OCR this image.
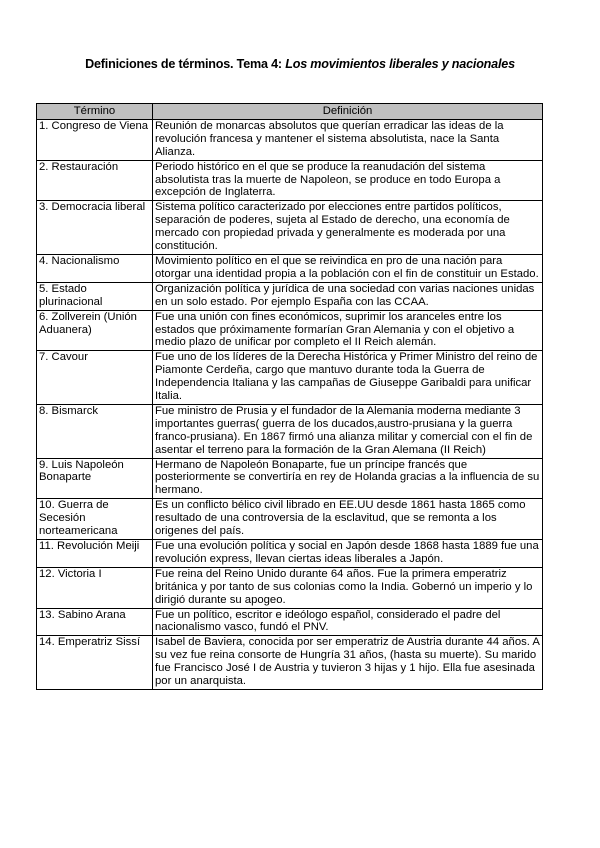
Definiciones de términos. Tema 4: Los movimientos liberales y nacionales
Término	Definición
1. Congreso de Viena	Reunión de monarcas absolutos que querían erradicar las ideas de la revolución francesa y mantener el sistema absolutista, nace la Santa Alianza.
2. Restauración	Periodo histórico en el que se produce la reanudación del sistema absolutista tras la muerte de Napoleon, se produce en todo Europa a excepción de Inglaterra.
3. Democracia liberal	Sistema político caracterizado por elecciones entre partidos políticos, separación de poderes, sujeta al Estado de derecho, una economía de mercado con propiedad privada y generalmente es moderada por una constitución.
4. Nacionalismo	Movimiento político en el que se reivindica en pro de una nación para otorgar una identidad propia a la población con el fin de constituir un Estado.
5. Estado plurinacional	Organización política y jurídica de una sociedad con varias naciones unidas en un solo estado. Por ejemplo España con las CCAA.
6. Zollverein (Unión Aduanera)	Fue una unión con fines económicos, suprimir los aranceles entre los estados que próximamente formarían Gran Alemania y con el objetivo a medio plazo de unificar por completo el II Reich alemán.
7. Cavour	Fue uno de los líderes de la Derecha Histórica y Primer Ministro del reino de Piamonte Cerdeña, cargo que mantuvo durante toda la Guerra de Independencia Italiana y las campañas de Giuseppe Garibaldi para unificar Italia.
8. Bismarck	Fue ministro de Prusia y el fundador de la Alemania moderna mediante 3 importantes guerras( guerra de los ducados,austro-prusiana y la guerra franco-prusiana). En 1867 firmó una alianza militar y comercial con el fin de asentar el terreno para la formación de la Gran Alemana (II Reich)
9. Luis Napoleón Bonaparte	Hermano de Napoleón Bonaparte, fue un príncipe francés que posteriormente se convertiría en rey de Holanda gracias a la influencia de su hermano.
10. Guerra de Secesión norteamericana	Es un conflicto bélico civil librado en EE.UU desde 1861 hasta 1865 como resultado de una controversia de la esclavitud, que se remonta a los origenes del país.
11. Revolución Meiji	Fue una evolución política y social en Japón desde 1868 hasta 1889 fue una revolución express, llevan ciertas ideas liberales a Japón.
12. Victoria I	Fue reina del Reino Unido durante 64 años. Fue la primera emperatriz británica y por tanto de sus colonias como la India. Gobernó un imperio y lo dirigió durante su apogeo.
13. Sabino Arana	Fue un político, escritor e ideólogo español, considerado el padre del nacionalismo vasco, fundó el PNV.
14. Emperatriz Sissí	Isabel de Baviera, conocida por ser emperatriz de Austria durante 44 años. A su vez fue reina consorte de Hungría 31 años, (hasta su muerte). Su marido fue Francisco José I de Austria y tuvieron 3 hijas y 1 hijo. Ella fue asesinada por un anarquista.
